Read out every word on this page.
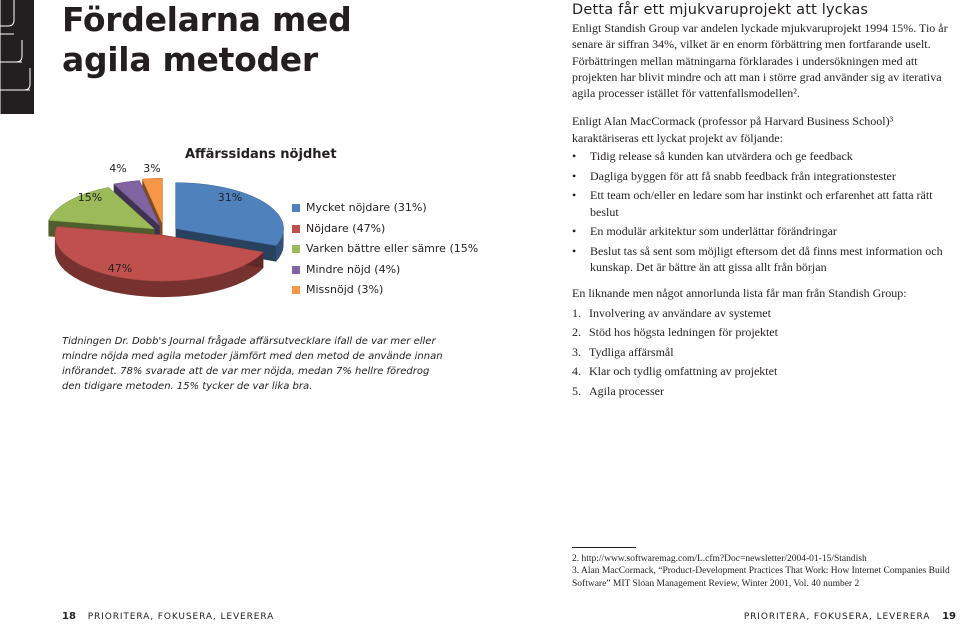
Fördelarna med
agila metoder
31%
47%
15%
4% 3%
Affärssidans nöjdhet
Mycket nöjdare (31%)
Nöjdare (47%)
Varken bättre eller sämre (15%
Mindre nöjd (4%)
Missnöjd (3%)

Tidningen Dr. Dobb's Journal frågade affärsutvecklare ifall de var mer eller mindre nöjda med agila metoder jämfört med den metod de använde innan införandet. 78% svarade att de var mer nöjda, medan 7% hellre föredrog den tidigare metoden. 15% tycker de var lika bra.

Detta får ett mjukvaruprojekt att lyckas

Enligt Standish Group var andelen lyckade mjukvaruprojekt 1994 15%. Tio år senare är siffran 34%, vilket är en enorm förbättring men fortfarande uselt. Förbättringen mellan mätningarna förklarades i undersökningen med att projekten har blivit mindre och att man i större grad använder sig av iterativa agila processer istället för vattenfallsmodellen².

Enligt Alan MacCormack (professor på Harvard Business School)³ karaktäriseras ett lyckat projekt av följande:

• Tidig release så kunden kan utvärdera och ge feedback
• Dagliga byggen för att få snabb feedback från integrationstester
• Ett team och/eller en ledare som har instinkt och erfarenhet att fatta rätt beslut
• En modulär arkitektur som underlättar förändringar
• Beslut tas så sent som möjligt eftersom det då finns mest information och kunskap. Det är bättre än att gissa allt från början

En liknande men något annorlunda lista får man från Standish Group:

1. Involvering av användare av systemet
2. Stöd hos högsta ledningen för projektet
3. Tydliga affärsmål
4. Klar och tydlig omfattning av projektet
5. Agila processer

2. http://www.softwaremag.com/L.cfm?Doc=newsletter/2004-01-15/Standish

3. Alan MacCormack, “Product-Development Practices That Work: How Internet Companies Build Software” MIT Sloan Management Review, Winter 2001, Vol. 40 number 2

18 PRIORITERA, FOKUSERA, LEVERERA	PRIORITERA, FOKUSERA, LEVERERA 19
